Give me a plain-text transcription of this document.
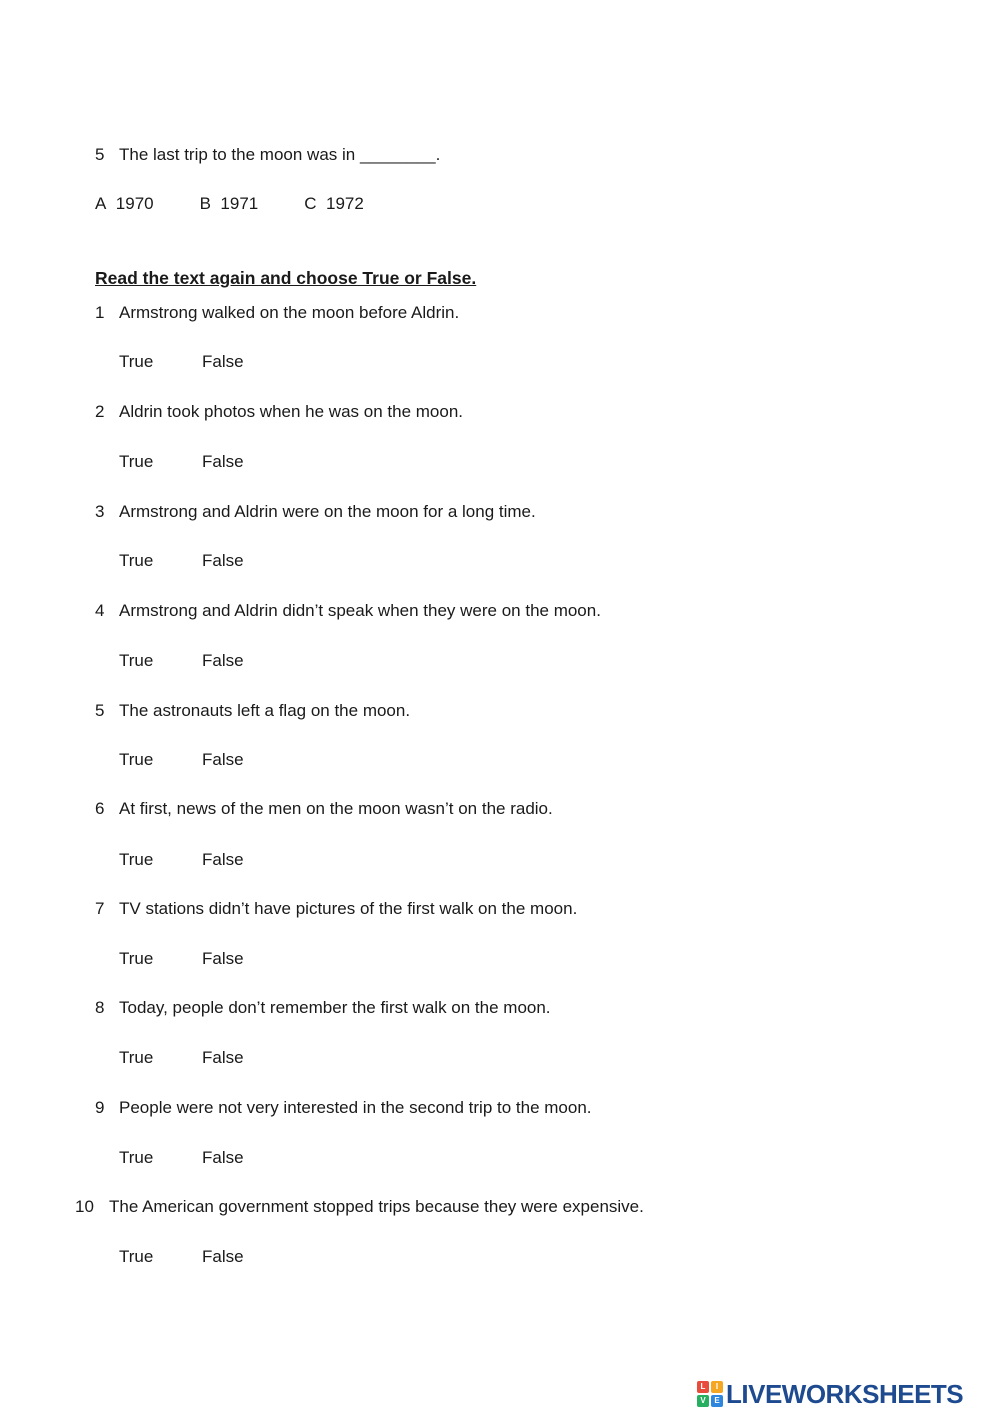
5 The last trip to the moon was in ________.
A 1970	B 1971	C 1972
Read the text again and choose True or False.
1 Armstrong walked on the moon before Aldrin.
True	False
2 Aldrin took photos when he was on the moon.
True	False
3 Armstrong and Aldrin were on the moon for a long time.
True	False
4 Armstrong and Aldrin didn’t speak when they were on the moon.
True	False
5 The astronauts left a flag on the moon.
True	False
6 At first, news of the men on the moon wasn’t on the radio.
True	False
7 TV stations didn’t have pictures of the first walk on the moon.
True	False
8 Today, people don’t remember the first walk on the moon.
True	False
9 People were not very interested in the second trip to the moon.
True	False
10 The American government stopped trips because they were expensive.
True	False
L	I
V	E LIVEWORKSHEETS
